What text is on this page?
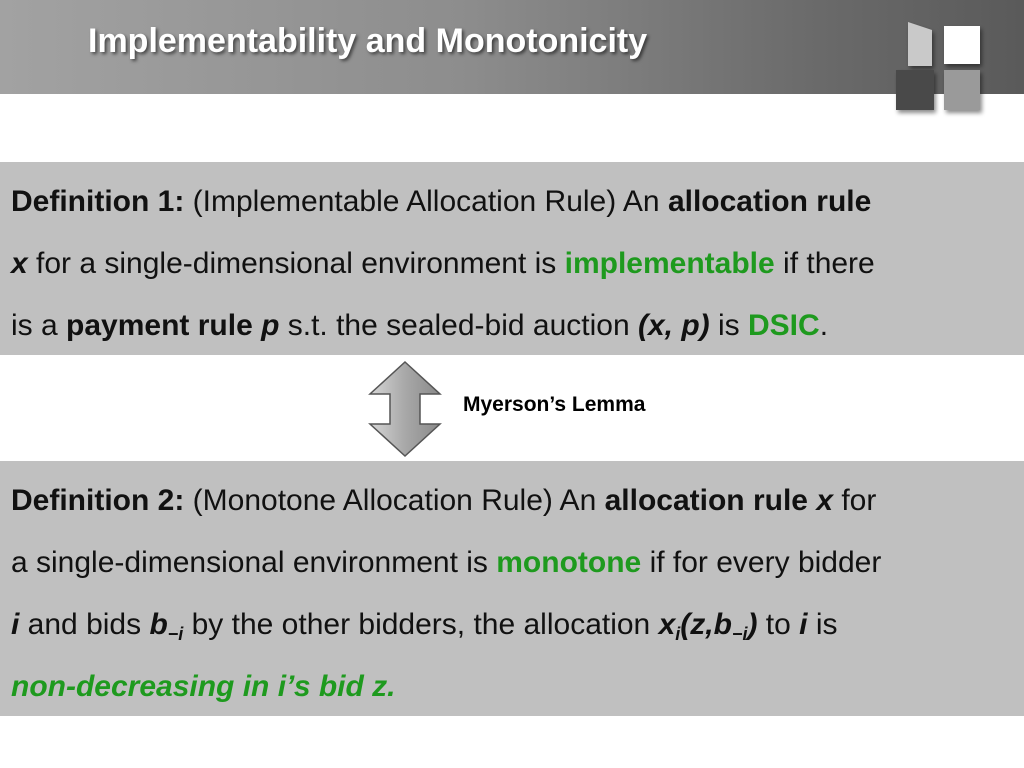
Implementability and Monotonicity
Definition 1: (Implementable Allocation Rule) An allocation rule
x for a single-dimensional environment is implementable if there
is a payment rule p s.t. the sealed-bid auction (x, p) is DSIC.
Myerson’s Lemma
Definition 2: (Monotone Allocation Rule) An allocation rule x for
a single-dimensional environment is monotone if for every bidder
i and bids $b_{-i}$ by the other bidders, the allocation $x_i(z,b_{-i})$ to i is
non-decreasing in i’s bid z.
